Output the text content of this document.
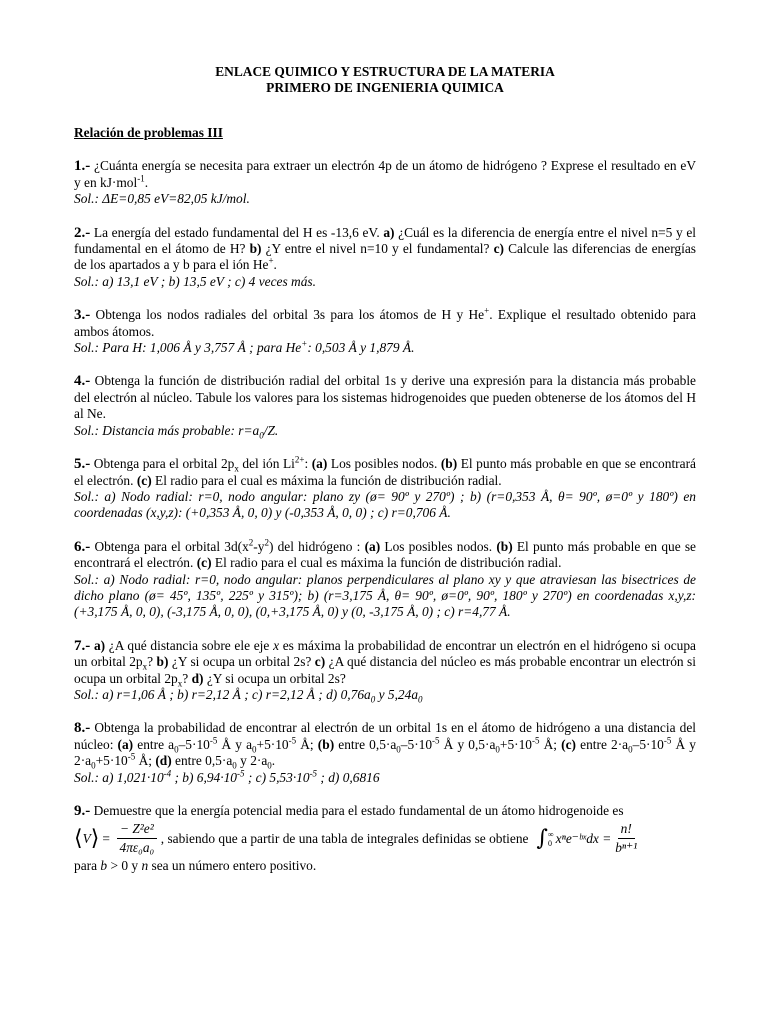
ENLACE QUIMICO Y ESTRUCTURA DE LA MATERIA
PRIMERO DE INGENIERIA QUIMICA
Relación de problemas III

1.- ¿Cuánta energía se necesita para extraer un electrón 4p de un átomo de hidrógeno ? Exprese el resultado en eV y en kJ·mol$^{-1}$.

Sol.: ΔE=0,85 eV=82,05 kJ/mol.

2.- La energía del estado fundamental del H es -13,6 eV. a) ¿Cuál es la diferencia de energía entre el nivel n=5 y el fundamental en el átomo de H? b) ¿Y entre el nivel n=10 y el fundamental? c) Calcule las diferencias de energías de los apartados a y b para el ión He+.

Sol.: a) 13,1 eV ; b) 13,5 eV ; c) 4 veces más.

3.- Obtenga los nodos radiales del orbital 3s para los átomos de H y He+. Explique el resultado obtenido para ambos átomos.

Sol.: Para H: 1,006 Å y 3,757 Å ; para He+: 0,503 Å y 1,879 Å.

4.- Obtenga la función de distribución radial del orbital 1s y derive una expresión para la distancia más probable del electrón al núcleo. Tabule los valores para los sistemas hidrogenoides que pueden obtenerse de los átomos del H al Ne.

Sol.: Distancia más probable: $r=a_0/Z$.

5.- Obtenga para el orbital $2p_x$ del ión $Li^{2+}$: (a) Los posibles nodos. (b) El punto más probable en que se encontrará el electrón. (c) El radio para el cual es máxima la función de distribución radial.

Sol.: a) Nodo radial: r=0, nodo angular: plano zy (ø= 90º y 270º) ; b) (r=0,353 Å, θ= 90º, ø=0º y 180º) en coordenadas (x,y,z): (+0,353 Å, 0, 0) y (-0,353 Å, 0, 0) ; c) r=0,706 Å.

6.- Obtenga para el orbital $3d(x^2-y^2)$ del hidrógeno : (a) Los posibles nodos. (b) El punto más probable en que se encontrará el electrón. (c) El radio para el cual es máxima la función de distribución radial.

Sol.: a) Nodo radial: r=0, nodo angular: planos perpendiculares al plano xy y que atraviesan las bisectrices de dicho plano (ø= 45º, 135º, 225º y 315º); b) (r=3,175 Å, θ= 90º, ø=0º, 90º, 180º y 270º) en coordenadas x,y,z:(+3,175 Å, 0, 0), (-3,175 Å, 0, 0), (0,+3,175 Å, 0) y (0, -3,175 Å, 0) ; c) r=4,77 Å.

7.- a) ¿A qué distancia sobre ele eje x es máxima la probabilidad de encontrar un electrón en el hidrógeno si ocupa un orbital $2p_x$? b) ¿Y si ocupa un orbital 2s? c) ¿A qué distancia del núcleo es más probable encontrar un electrón si ocupa un orbital $2p_x$? d) ¿Y si ocupa un orbital 2s?

Sol.: a) r=1,06 Å ; b) r=2,12 Å ; c) r=2,12 Å ; d) $0,76a_0$ y $5,24a_0$

8.- Obtenga la probabilidad de encontrar al electrón de un orbital 1s en el átomo de hidrógeno a una distancia del núcleo: (a) entre $a_0-5\cdot 10^{-5}$ Å y $a_0+5\cdot 10^{-5}$ Å; (b) entre $0,5\cdot a_0-5\cdot 10^{-5}$ Å y $0,5\cdot a_0+5\cdot 10^{-5}$ Å; (c) entre $2\cdot a_0-5\cdot 10^{-5}$ Å y $2\cdot a_0+5\cdot 10^{-5}$ Å; (d) entre $0,5\cdot a_0$ y $2\cdot a_0$.

Sol.: a) $1,021\cdot 10^{-4}$ ; b) $6,94\cdot 10^{-5}$ ; c) $5,53\cdot 10^{-5}$ ; d) 0,6816

9.- Demuestre que la energía potencial media para el estado fundamental de un átomo hidrogenoide es

⟨ V ⟩ = $\frac{\text{− Z²e²}}{\text{4πε₀a₀}}$ , sabiendo que a partir de una tabla de integrales definidas se obtiene ∫ ∞
0 xⁿe⁻ᵇˣdx = $\frac{n!}{\text{bⁿ⁺¹}}$

para b > 0 y n sea un número entero positivo.
